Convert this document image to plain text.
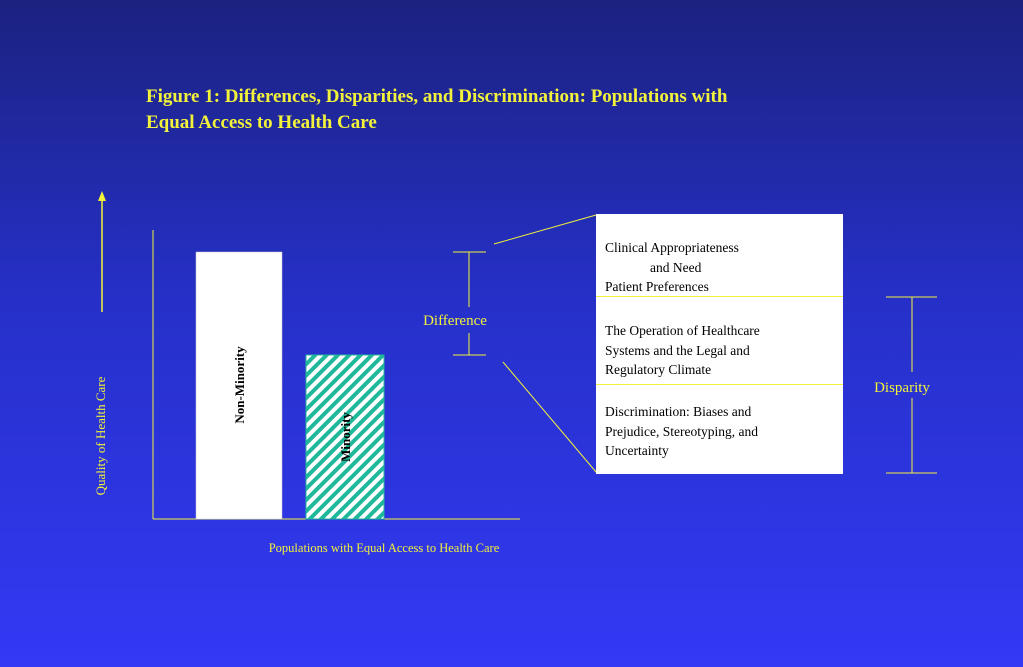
Figure 1: Differences, Disparities, and Discrimination: Populations with
Equal Access to Health Care
Quality of Health Care
Populations with Equal Access to Health Care
Non-Minority
Minority
Difference
Disparity
Clinical Appropriateness
and Need
Patient Preferences
The Operation of Healthcare
Systems and the Legal and
Regulatory Climate
Discrimination: Biases and
Prejudice, Stereotyping, and
Uncertainty
